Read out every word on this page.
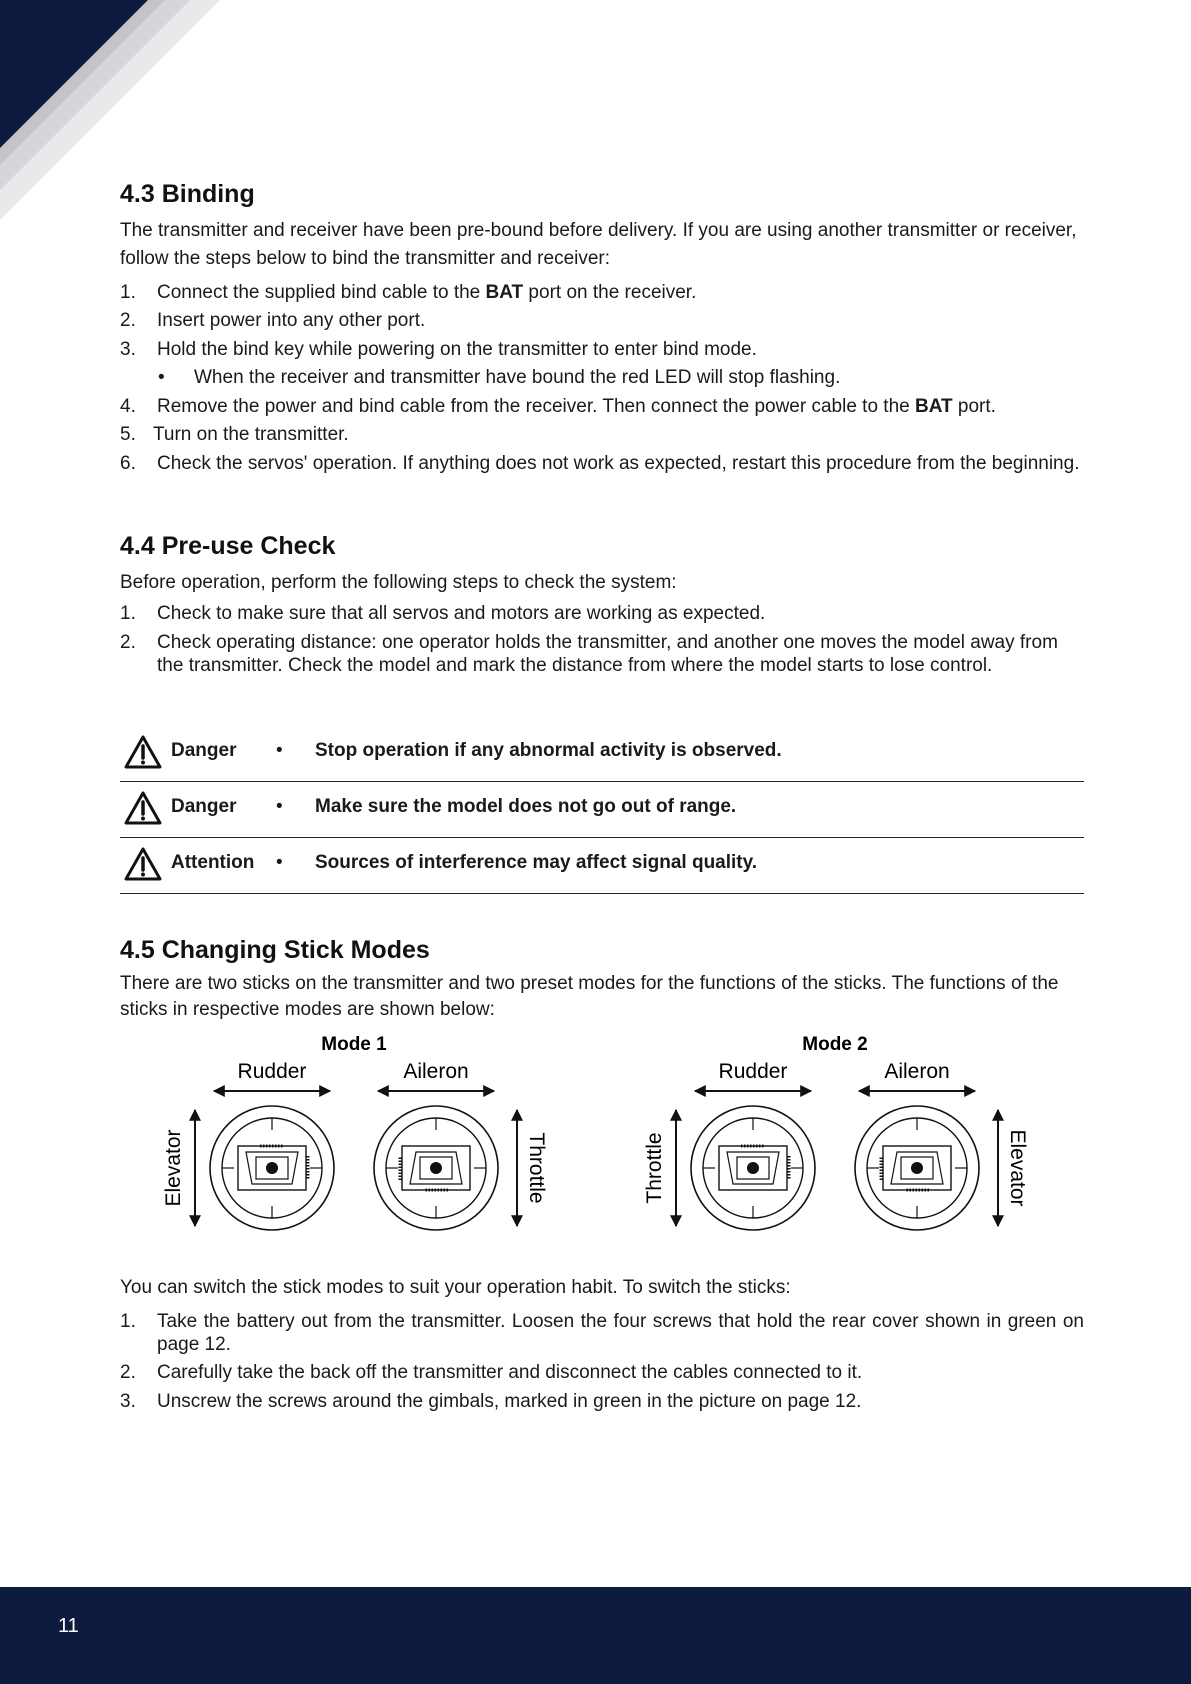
4.3 Binding

The transmitter and receiver have been pre-bound before delivery. If you are using another transmitter or receiver, follow the steps below to bind the transmitter and receiver:

1. Connect the supplied bind cable to the BAT port on the receiver.
2. Insert power into any other port.
3. Hold the bind key while powering on the transmitter to enter bind mode.
• When the receiver and transmitter have bound the red LED will stop flashing.
4. Remove the power and bind cable from the receiver. Then connect the power cable to the BAT port.
5. Turn on the transmitter.
6. Check the servos' operation. If anything does not work as expected, restart this procedure from the beginning.
4.4 Pre-use Check

Before operation, perform the following steps to check the system:

1. Check to make sure that all servos and motors are working as expected.
2. Check operating distance: one operator holds the transmitter, and another one moves the model away from the transmitter. Check the model and mark the distance from where the model starts to lose control.
Danger • Stop operation if any abnormal activity is observed.
Danger • Make sure the model does not go out of range.
Attention • Sources of interference may affect signal quality.
4.5 Changing Stick Modes

There are two sticks on the transmitter and two preset modes for the functions of the sticks. The functions of the sticks in respective modes are shown below:

Mode 1
Rudder	Aileron
Elevator	Throttle
Mode 2
Rudder	Aileron
Throttle	Elevator

You can switch the stick modes to suit your operation habit. To switch the sticks:

1. Take the battery out from the transmitter. Loosen the four screws that hold the rear cover shown in green on page 12.
2. Carefully take the back off the transmitter and disconnect the cables connected to it.
3. Unscrew the screws around the gimbals, marked in green in the picture on page 12.
11
